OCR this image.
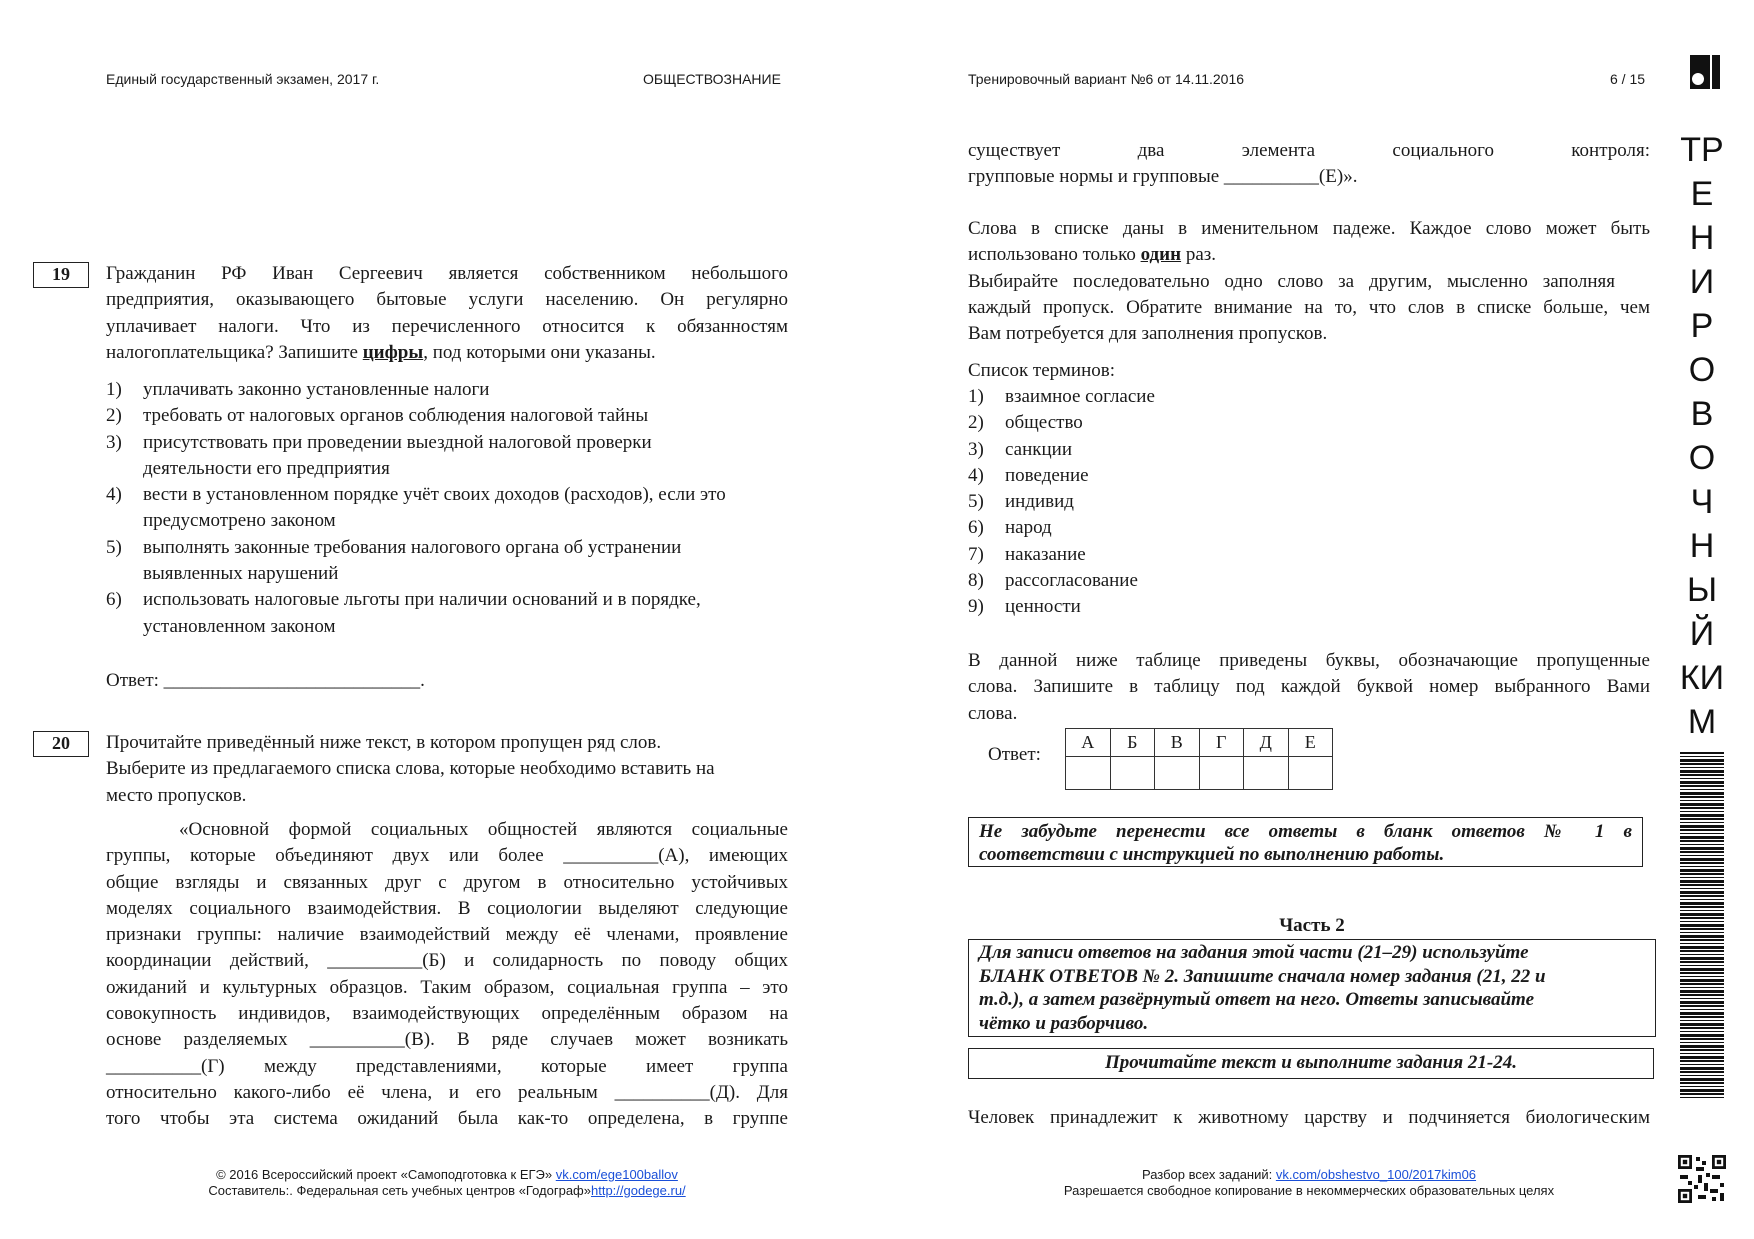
Единый государственный экзамен, 2017 г.	ОБЩЕСТВОЗНАНИЕ	Тренировочный вариант №6 от 14.11.2016	6 / 15
19	Гражданин РФ Иван Сергеевич является собственником небольшого
предприятия, оказывающего бытовые услуги населению. Он регулярно
уплачивает налоги. Что из перечисленного относится к обязанностям
налогоплательщика? Запишите цифры, под которыми они указаны.
1)	уплачивать законно установленные налоги
2)	требовать от налоговых органов соблюдения налоговой тайны
3)	присутствовать при проведении выездной налоговой проверки деятельности его предприятия
4)	вести в установленном порядке учёт своих доходов (расходов), если это предусмотрено законом
5)	выполнять законные требования налогового органа об устранении выявленных нарушений
6)	использовать налоговые льготы при наличии оснований и в порядке, установленном законом
Ответ: ___________________________.
20	Прочитайте приведённый ниже текст, в котором пропущен ряд слов.
Выберите из предлагаемого списка слова, которые необходимо вставить на
место пропусков.
«Основной формой социальных общностей являются социальные
группы, которые объединяют двух или более __________(А), имеющих
общие взгляды и связанных друг с другом в относительно устойчивых
моделях социального взаимодействия. В социологии выделяют следующие
признаки группы: наличие взаимодействий между её членами, проявление
координации действий, __________(Б) и солидарность по поводу общих
ожиданий и культурных образцов. Таким образом, социальная группа – это
совокупность индивидов, взаимодействующих определённым образом на
основе разделяемых __________(В). В ряде случаев может возникать
__________(Г) между представлениями, которые имеет группа
относительно какого-либо её члена, и его реальным __________(Д). Для
того чтобы эта система ожиданий была как-то определена, в группе
существует два элемента социального контроля:
групповые нормы и групповые __________(Е)».
Слова в списке даны в именительном падеже. Каждое слово может быть
использовано только один раз.
Выбирайте последовательно одно слово за другим, мысленно заполняя
каждый пропуск. Обратите внимание на то, что слов в списке больше, чем
Вам потребуется для заполнения пропусков.
Список терминов:
1)	взаимное согласие
2)	общество
3)	санкции
4)	поведение
5)	индивид
6)	народ
7)	наказание
8)	рассогласование
9)	ценности
В данной ниже таблице приведены буквы, обозначающие пропущенные
слова. Запишите в таблицу под каждой буквой номер выбранного Вами
слова.
Ответ:
А	Б	В	Г	Д	Е

Не забудьте перенести все ответы в бланк ответов № 1 в
соответствии с инструкцией по выполнению работы.
Часть 2
Для записи ответов на задания этой части (21–29) используйте
БЛАНК ОТВЕТОВ № 2. Запишите сначала номер задания (21, 22 и
т.д.), а затем развёрнутый ответ на него. Ответы записывайте
чётко и разборчиво.
Прочитайте текст и выполните задания 21-24.
Человек принадлежит к животному царству и подчиняется биологическим
© 2016 Всероссийский проект «Самоподготовка к ЕГЭ» vk.com/ege100ballov
Составитель:. Федеральная сеть учебных центров «Годограф»http://godege.ru/
Разбор всех заданий: vk.com/obshestvo_100/2017kim06
Разрешается свободное копирование в некоммерческих образовательных целях
ТР
Е
Н
И
Р
О
В
О
Ч
Н
Ы
Й
КИ
М
